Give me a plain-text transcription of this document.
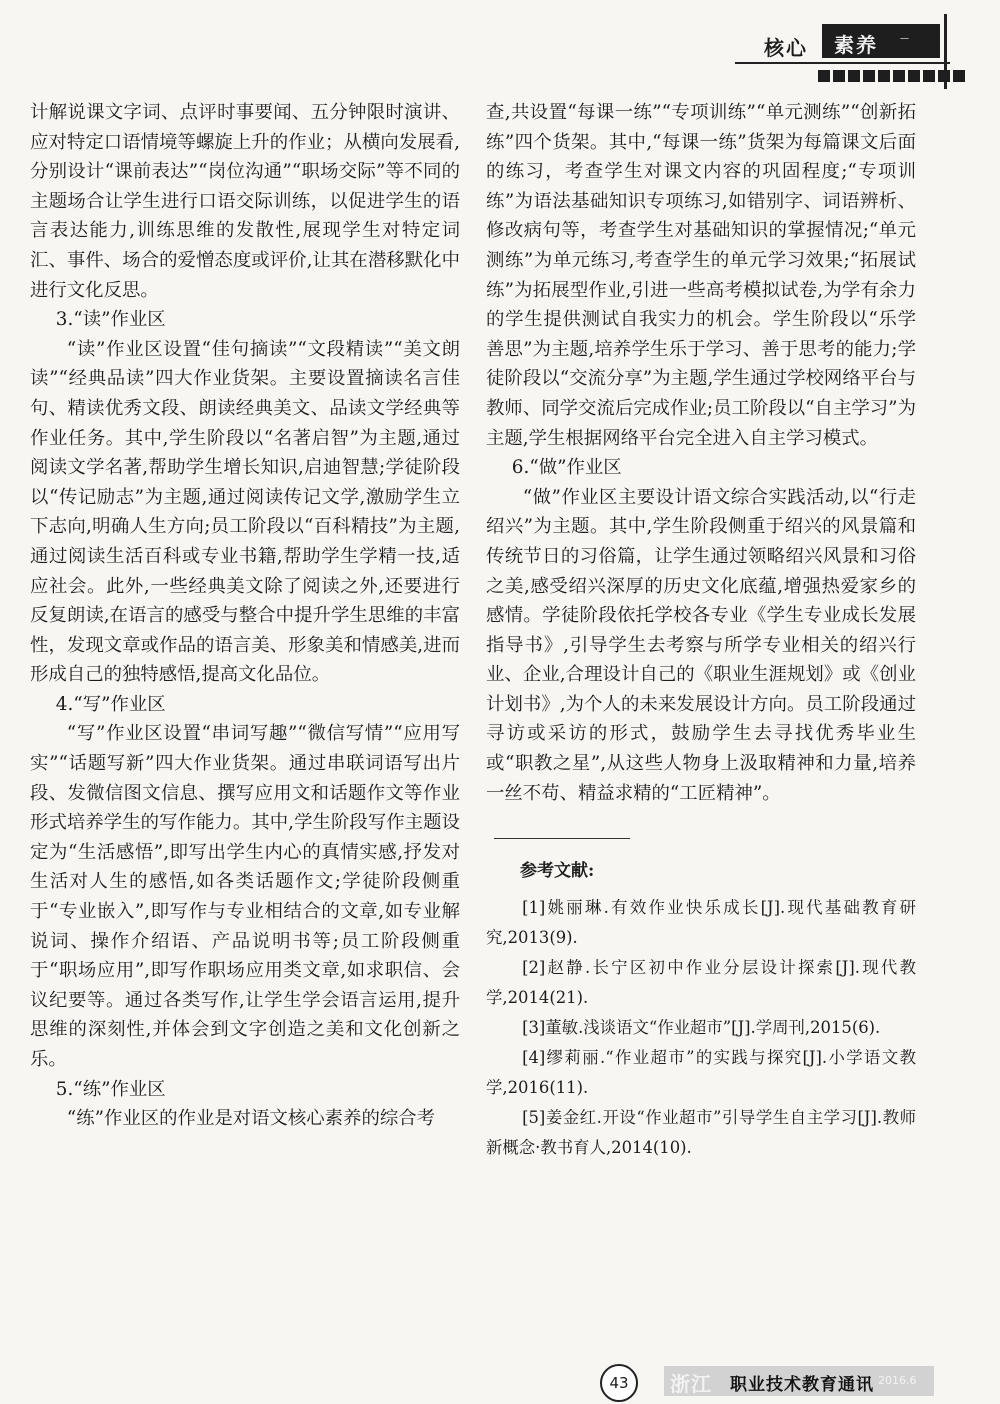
核心 素养 —

计解说课文字词、点评时事要闻、五分钟限时演讲、应对特定口语情境等螺旋上升的作业；从横向发展看,分别设计“课前表达”“岗位沟通”“职场交际”等不同的主题场合让学生进行口语交际训练，以促进学生的语言表达能力,训练思维的发散性,展现学生对特定词汇、事件、场合的爱憎态度或评价,让其在潜移默化中进行文化反思。

3.“读”作业区

“读”作业区设置“佳句摘读”“文段精读”“美文朗读”“经典品读”四大作业货架。主要设置摘读名言佳句、精读优秀文段、朗读经典美文、品读文学经典等作业任务。其中,学生阶段以“名著启智”为主题,通过阅读文学名著,帮助学生增长知识,启迪智慧;学徒阶段以“传记励志”为主题,通过阅读传记文学,激励学生立下志向,明确人生方向;员工阶段以“百科精技”为主题,通过阅读生活百科或专业书籍,帮助学生学精一技,适应社会。此外,一些经典美文除了阅读之外,还要进行反复朗读,在语言的感受与整合中提升学生思维的丰富性，发现文章或作品的语言美、形象美和情感美,进而形成自己的独特感悟,提高文化品位。

4.“写”作业区

“写”作业区设置“串词写趣”“微信写情”“应用写实”“话题写新”四大作业货架。通过串联词语写出片段、发微信图文信息、撰写应用文和话题作文等作业形式培养学生的写作能力。其中,学生阶段写作主题设定为“生活感悟”,即写出学生内心的真情实感,抒发对生活对人生的感悟,如各类话题作文;学徒阶段侧重于“专业嵌入”,即写作与专业相结合的文章,如专业解说词、操作介绍语、产品说明书等;员工阶段侧重于“职场应用”,即写作职场应用类文章,如求职信、会议纪要等。通过各类写作,让学生学会语言运用,提升思维的深刻性,并体会到文字创造之美和文化创新之乐。

5.“练”作业区

“练”作业区的作业是对语文核心素养的综合考

查,共设置“每课一练”“专项训练”“单元测练”“创新拓练”四个货架。其中,“每课一练”货架为每篇课文后面的练习，考查学生对课文内容的巩固程度;“专项训练”为语法基础知识专项练习,如错别字、词语辨析、修改病句等，考查学生对基础知识的掌握情况;“单元测练”为单元练习,考查学生的单元学习效果;“拓展试练”为拓展型作业,引进一些高考模拟试卷,为学有余力的学生提供测试自我实力的机会。学生阶段以“乐学善思”为主题,培养学生乐于学习、善于思考的能力;学徒阶段以“交流分享”为主题,学生通过学校网络平台与教师、同学交流后完成作业;员工阶段以“自主学习”为主题,学生根据网络平台完全进入自主学习模式。

6.“做”作业区

“做”作业区主要设计语文综合实践活动,以“行走绍兴”为主题。其中,学生阶段侧重于绍兴的风景篇和传统节日的习俗篇，让学生通过领略绍兴风景和习俗之美,感受绍兴深厚的历史文化底蕴,增强热爱家乡的感情。学徒阶段依托学校各专业《学生专业成长发展指导书》,引导学生去考察与所学专业相关的绍兴行业、企业,合理设计自己的《职业生涯规划》或《创业计划书》,为个人的未来发展设计方向。员工阶段通过寻访或采访的形式，鼓励学生去寻找优秀毕业生或“职教之星”,从这些人物身上汲取精神和力量,培养一丝不苟、精益求精的“工匠精神”。

参考文献:

[1]姚丽琳.有效作业快乐成长[J].现代基础教育研究,2013(9).

[2]赵静.长宁区初中作业分层设计探索[J].现代教学,2014(21).

[3]董敏.浅谈语文“作业超市”[J].学周刊,2015(6).

[4]缪莉丽.“作业超市”的实践与探究[J].小学语文教学,2016(11).

[5]姜金红.开设“作业超市”引导学生自主学习[J].教师新概念·教书育人,2014(10).

43	浙江 职业技术教育通讯 2016.6
